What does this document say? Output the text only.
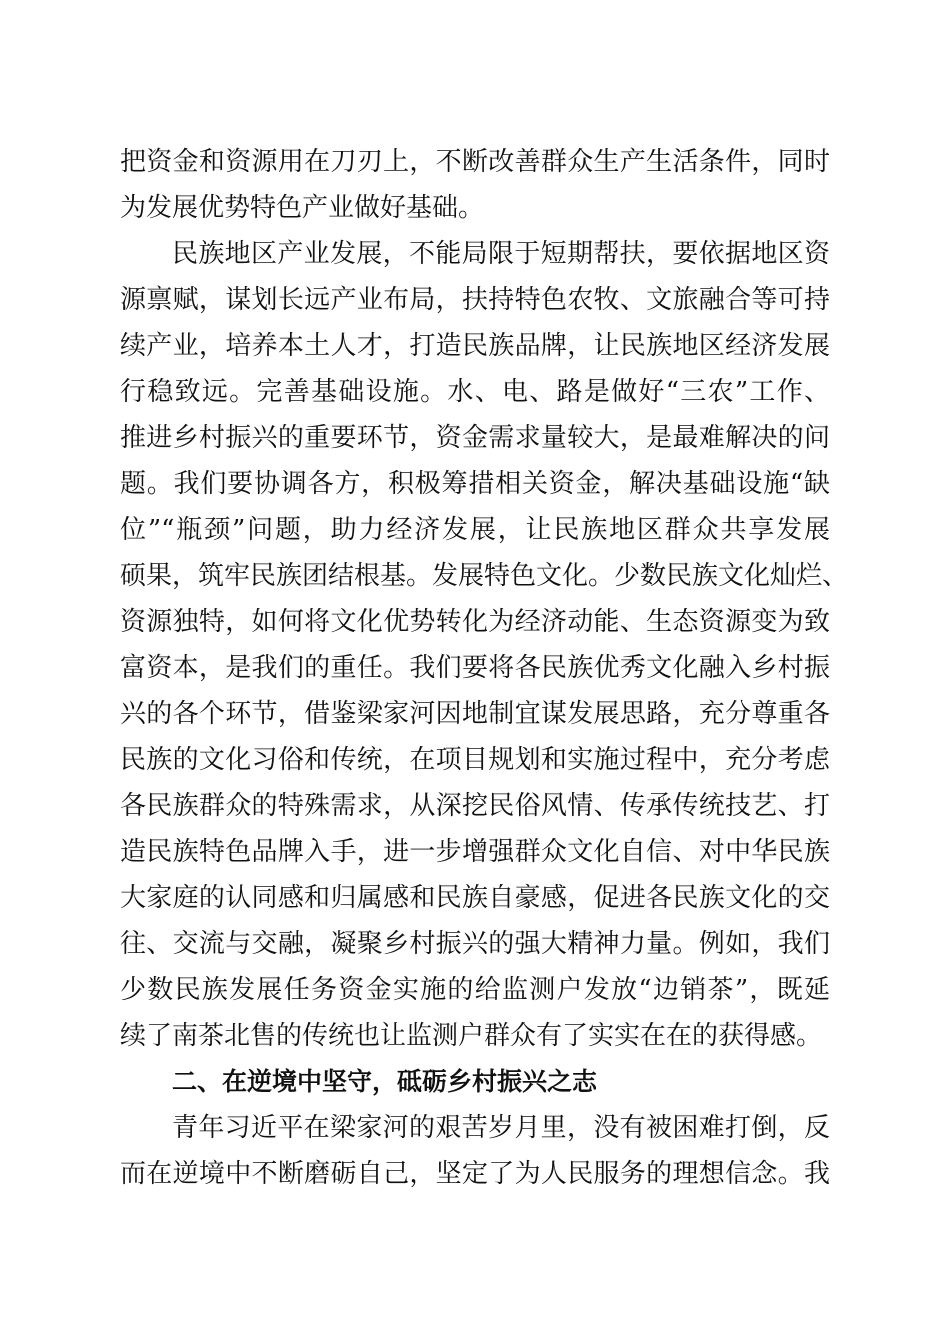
把资金和资源用在刀刃上，不断改善群众生产生活条件，同时
为发展优势特色产业做好基础。
民族地区产业发展，不能局限于短期帮扶，要依据地区资
源禀赋，谋划长远产业布局，扶持特色农牧、文旅融合等可持
续产业，培养本土人才，打造民族品牌，让民族地区经济发展
行稳致远。完善基础设施。水、电、路是做好“三农”工作、
推进乡村振兴的重要环节，资金需求量较大，是最难解决的问
题。我们要协调各方，积极筹措相关资金，解决基础设施“缺
位”“瓶颈”问题，助力经济发展，让民族地区群众共享发展
硕果，筑牢民族团结根基。发展特色文化。少数民族文化灿烂、
资源独特，如何将文化优势转化为经济动能、生态资源变为致
富资本，是我们的重任。我们要将各民族优秀文化融入乡村振
兴的各个环节，借鉴梁家河因地制宜谋发展思路，充分尊重各
民族的文化习俗和传统，在项目规划和实施过程中，充分考虑
各民族群众的特殊需求，从深挖民俗风情、传承传统技艺、打
造民族特色品牌入手，进一步增强群众文化自信、对中华民族
大家庭的认同感和归属感和民族自豪感，促进各民族文化的交
往、交流与交融，凝聚乡村振兴的强大精神力量。例如，我们
少数民族发展任务资金实施的给监测户发放“边销茶”，既延
续了南茶北售的传统也让监测户群众有了实实在在的获得感。
二、在逆境中坚守，砥砺乡村振兴之志
青年习近平在梁家河的艰苦岁月里，没有被困难打倒，反
而在逆境中不断磨砺自己，坚定了为人民服务的理想信念。我
